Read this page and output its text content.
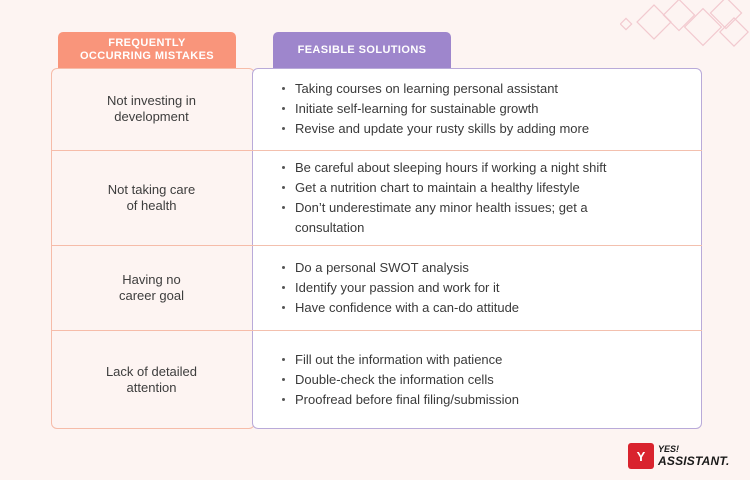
FREQUENTLY
OCCURRING MISTAKES
FEASIBLE SOLUTIONS
Not investing in
development
Taking courses on learning personal assistant
Initiate self-learning for sustainable growth
Revise and update your rusty skills by adding more
Not taking care
of health
Be careful about sleeping hours if working a night shift
Get a nutrition chart to maintain a healthy lifestyle
Don’t underestimate any minor health issues; get a consultation
Having no
career goal
Do a personal SWOT analysis
Identify your passion and work for it
Have confidence with a can-do attitude
Lack of detailed
attention
Fill out the information with patience
Double-check the information cells
Proofread before final filing/submission
Y	YES!
ASSISTANT.
